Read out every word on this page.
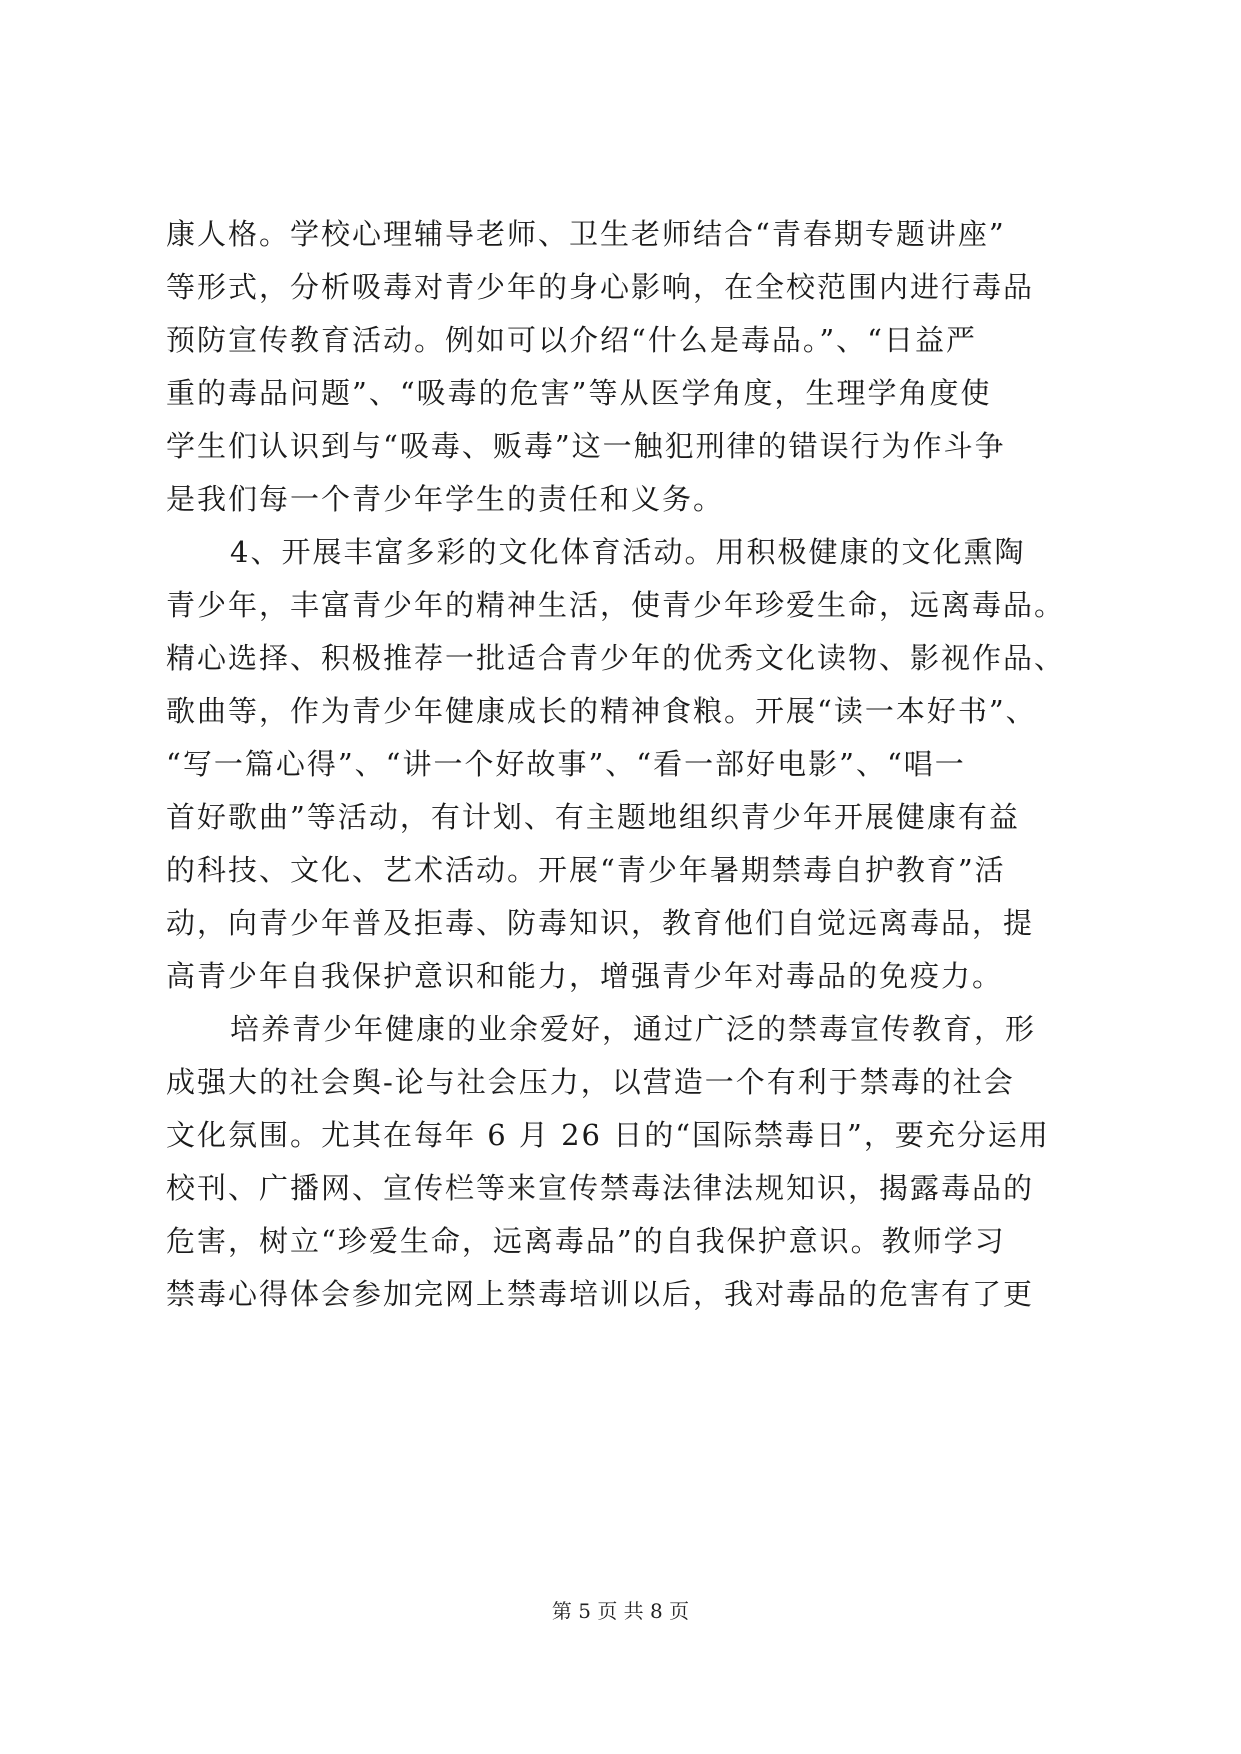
康人格。学校心理辅导老师、卫生老师结合“青春期专题讲座”
等形式，分析吸毒对青少年的身心影响，在全校范围内进行毒品
预防宣传教育活动。例如可以介绍“什么是毒品。”、“日益严
重的毒品问题”、“吸毒的危害”等从医学角度，生理学角度使
学生们认识到与“吸毒、贩毒”这一触犯刑律的错误行为作斗争
是我们每一个青少年学生的责任和义务。
4、开展丰富多彩的文化体育活动。用积极健康的文化熏陶
青少年，丰富青少年的精神生活，使青少年珍爱生命，远离毒品。
精心选择、积极推荐一批适合青少年的优秀文化读物、影视作品、
歌曲等，作为青少年健康成长的精神食粮。开展“读一本好书”、
“写一篇心得”、“讲一个好故事”、“看一部好电影”、“唱一
首好歌曲”等活动，有计划、有主题地组织青少年开展健康有益
的科技、文化、艺术活动。开展“青少年暑期禁毒自护教育”活
动，向青少年普及拒毒、防毒知识，教育他们自觉远离毒品，提
高青少年自我保护意识和能力，增强青少年对毒品的免疫力。
培养青少年健康的业余爱好，通过广泛的禁毒宣传教育，形
成强大的社会舆-论与社会压力，以营造一个有利于禁毒的社会
文化氛围。尤其在每年 6 月 26 日的“国际禁毒日”，要充分运用
校刊、广播网、宣传栏等来宣传禁毒法律法规知识，揭露毒品的
危害，树立“珍爱生命，远离毒品”的自我保护意识。教师学习
禁毒心得体会参加完网上禁毒培训以后，我对毒品的危害有了更
第 5 页 共 8 页
